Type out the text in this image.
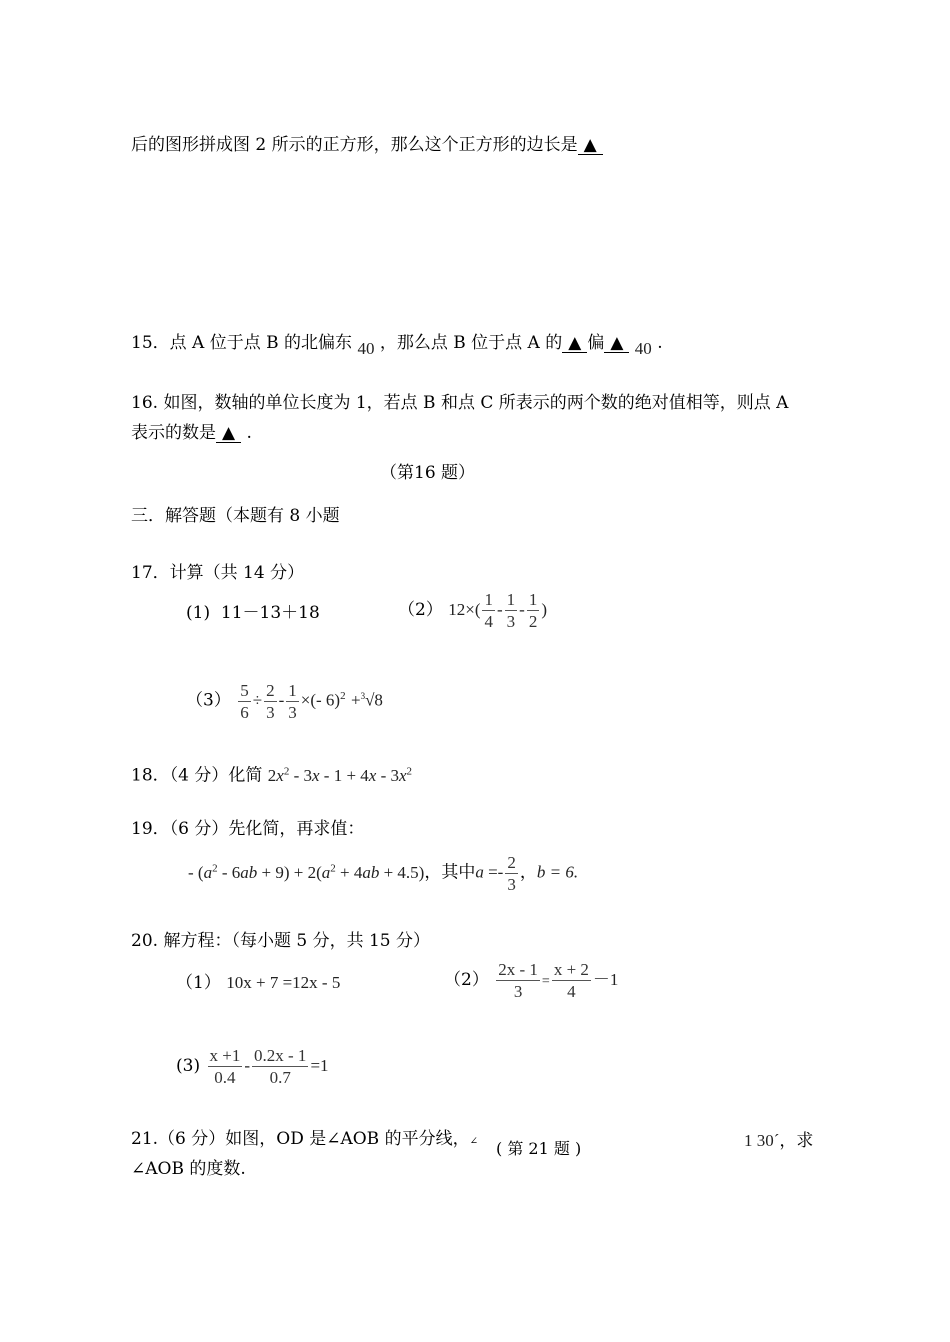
后的图形拼成图 2 所示的正方形，那么这个正方形的边长是 ▲
15．点 A 位于点 B 的北偏东 40 ，那么点 B 位于点 A 的 ▲ 偏 ▲ 40 .
16. 如图，数轴的单位长度为 1，若点 B 和点 C 所表示的两个数的绝对值相等，则点 A
表示的数是 ▲ .
（第16 题）
三．解答题（本题有 8 小题
17．计算（共 14 分）
(1) 11－13＋18	（2） $12\times( \frac{1}{4} - \frac{1}{3} - \frac{1}{2}$ )
$(3) \frac{5}{6} \div \frac{2}{3} - \frac{1}{3}$ ×(- 6)$^2$ +$^3$√8
18．（4 分）化简 $2x^2 - 3x - 1 + 4x - 3x^2$
19．（6 分）先化简，再求值：
- $(a^2 - 6ab + 9) + 2(a^2 + 4ab + 4.5)$，其中$a =- \frac{2}{3}$ ，b = 6.
20. 解方程：（每小题 5 分，共 15 分）
（1） 10x + 7 =12x - 5	$(2) \frac{2x - 1}{3} = \frac{x + 2}{4} -1$
$(3) \frac{x +1}{0.4} - \frac{0.2x - 1}{0.7} =1$
21.（6 分）如图，OD 是∠AOB 的平分线，∠ ( 第 21 题 )	1 30´，求
∠AOB 的度数.
